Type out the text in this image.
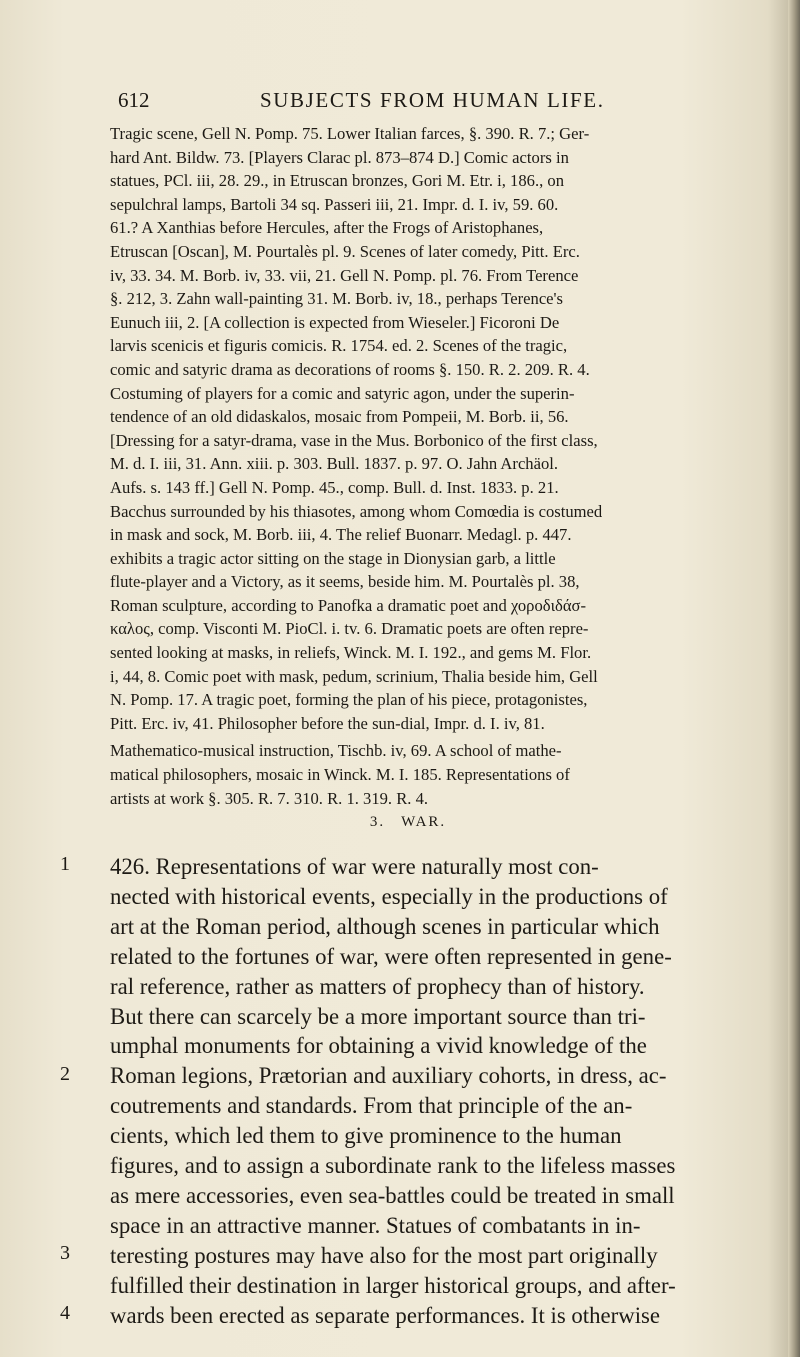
612	SUBJECTS FROM HUMAN LIFE.

Tragic scene, Gell N. Pomp. 75. Lower Italian farces, §. 390. R. 7.; Ger-
hard Ant. Bildw. 73. [Players Clarac pl. 873–874 D.] Comic actors in
statues, PCl. iii, 28. 29., in Etruscan bronzes, Gori M. Etr. i, 186., on
sepulchral lamps, Bartoli 34 sq. Passeri iii, 21. Impr. d. I. iv, 59. 60.
61.? A Xanthias before Hercules, after the Frogs of Aristophanes,
Etruscan [Oscan], M. Pourtalès pl. 9. Scenes of later comedy, Pitt. Erc.
iv, 33. 34. M. Borb. iv, 33. vii, 21. Gell N. Pomp. pl. 76. From Terence
§. 212, 3. Zahn wall-painting 31. M. Borb. iv, 18., perhaps Terence's
Eunuch iii, 2. [A collection is expected from Wieseler.] Ficoroni De
larvis scenicis et figuris comicis. R. 1754. ed. 2. Scenes of the tragic,
comic and satyric drama as decorations of rooms §. 150. R. 2. 209. R. 4.
Costuming of players for a comic and satyric agon, under the superin-
tendence of an old didaskalos, mosaic from Pompeii, M. Borb. ii, 56.
[Dressing for a satyr-drama, vase in the Mus. Borbonico of the first class,
M. d. I. iii, 31. Ann. xiii. p. 303. Bull. 1837. p. 97. O. Jahn Archäol.
Aufs. s. 143 ff.] Gell N. Pomp. 45., comp. Bull. d. Inst. 1833. p. 21.
Bacchus surrounded by his thiasotes, among whom Comœdia is costumed
in mask and sock, M. Borb. iii, 4. The relief Buonarr. Medagl. p. 447.
exhibits a tragic actor sitting on the stage in Dionysian garb, a little
flute-player and a Victory, as it seems, beside him. M. Pourtalès pl. 38,
Roman sculpture, according to Panofka a dramatic poet and χοροδιδάσ-
καλος, comp. Visconti M. PioCl. i. tv. 6. Dramatic poets are often repre-
sented looking at masks, in reliefs, Winck. M. I. 192., and gems M. Flor.
i, 44, 8. Comic poet with mask, pedum, scrinium, Thalia beside him, Gell
N. Pomp. 17. A tragic poet, forming the plan of his piece, protagonistes,
Pitt. Erc. iv, 41. Philosopher before the sun-dial, Impr. d. I. iv, 81.

Mathematico-musical instruction, Tischb. iv, 69. A school of mathe-
matical philosophers, mosaic in Winck. M. I. 185. Representations of
artists at work §. 305. R. 7. 310. R. 1. 319. R. 4.

3. WAR.
426. Representations of war were naturally most con-
nected with historical events, especially in the productions of
art at the Roman period, although scenes in particular which
related to the fortunes of war, were often represented in gene-
ral reference, rather as matters of prophecy than of history.
But there can scarcely be a more important source than tri-
umphal monuments for obtaining a vivid knowledge of the
Roman legions, Prætorian and auxiliary cohorts, in dress, ac-
coutrements and standards. From that principle of the an-
cients, which led them to give prominence to the human
figures, and to assign a subordinate rank to the lifeless masses
as mere accessories, even sea-battles could be treated in small
space in an attractive manner. Statues of combatants in in-
teresting postures may have also for the most part originally
fulfilled their destination in larger historical groups, and after-
wards been erected as separate performances. It is otherwise
1
2
3
4
